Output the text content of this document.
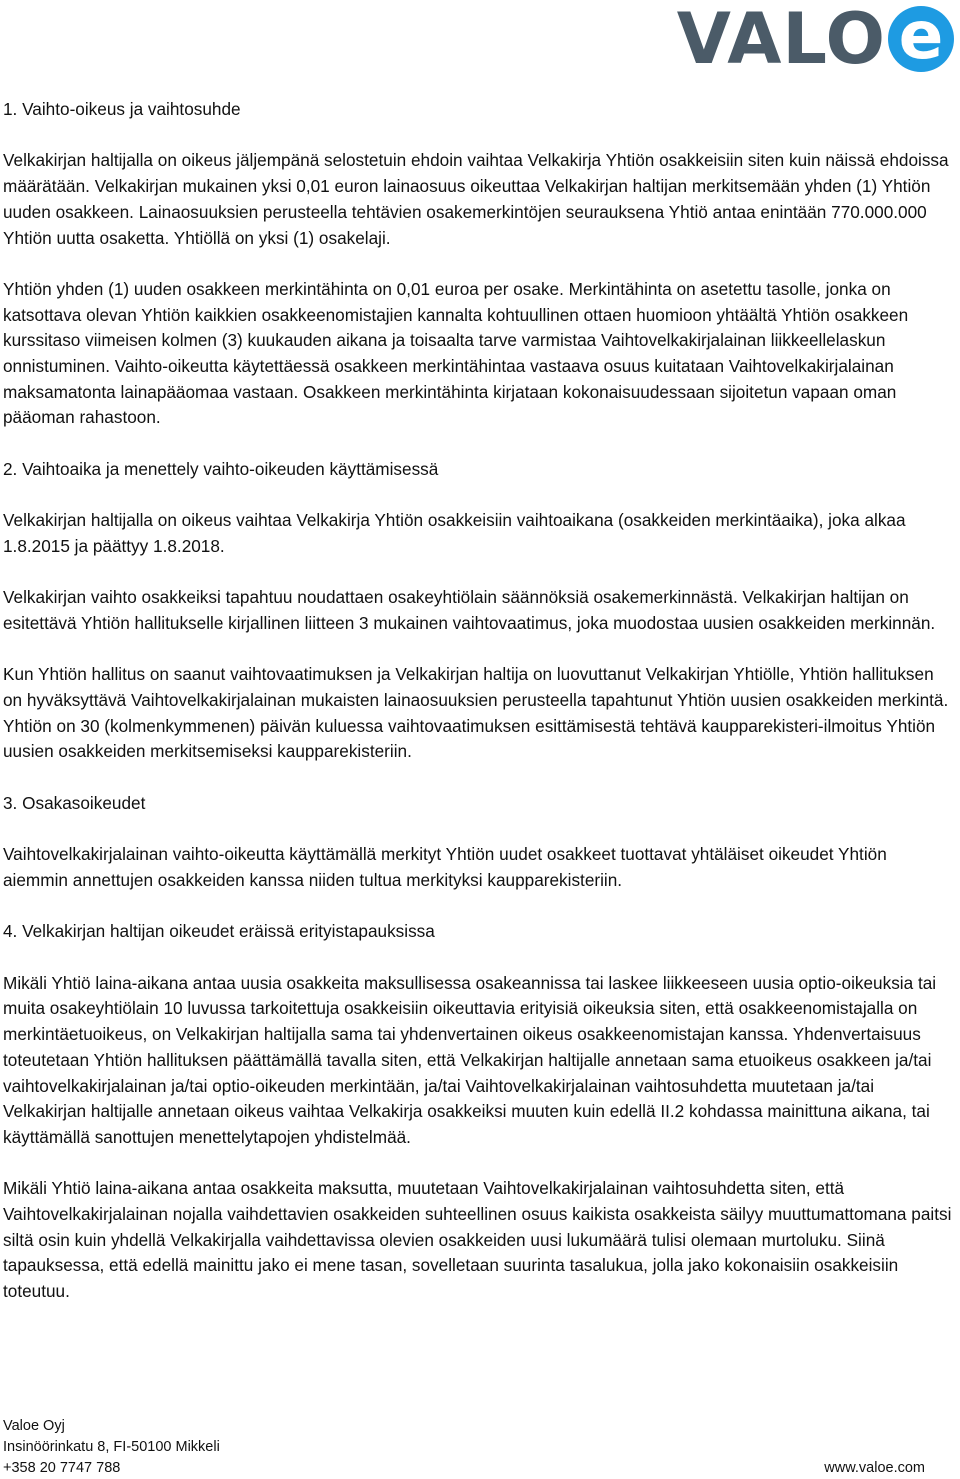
VALO e

1. Vaihto-oikeus ja vaihtosuhde

Velkakirjan haltijalla on oikeus jäljempänä selostetuin ehdoin vaihtaa Velkakirja Yhtiön osakkeisiin siten kuin näissä ehdoissa määrätään. Velkakirjan mukainen yksi 0,01 euron lainaosuus oikeuttaa Velkakirjan haltijan merkitsemään yhden (1) Yhtiön uuden osakkeen. Lainaosuuksien perusteella tehtävien osakemerkintöjen seurauksena Yhtiö antaa enintään 770.000.000 Yhtiön uutta osaketta. Yhtiöllä on yksi (1) osakelaji.

Yhtiön yhden (1) uuden osakkeen merkintähinta on 0,01 euroa per osake. Merkintähinta on asetettu tasolle, jonka on katsottava olevan Yhtiön kaikkien osakkeenomistajien kannalta kohtuullinen ottaen huomioon yhtäältä Yhtiön osakkeen kurssitaso viimeisen kolmen (3) kuukauden aikana ja toisaalta tarve varmistaa Vaihtovelkakirjalainan liikkeellelaskun onnistuminen. Vaihto-oikeutta käytettäessä osakkeen merkintähintaa vastaava osuus kuitataan Vaihtovelkakirjalainan maksamatonta lainapääomaa vastaan. Osakkeen merkintähinta kirjataan kokonaisuudessaan sijoitetun vapaan oman pääoman rahastoon.

2. Vaihtoaika ja menettely vaihto-oikeuden käyttämisessä

Velkakirjan haltijalla on oikeus vaihtaa Velkakirja Yhtiön osakkeisiin vaihtoaikana (osakkeiden merkintäaika), joka alkaa 1.8.2015 ja päättyy 1.8.2018.

Velkakirjan vaihto osakkeiksi tapahtuu noudattaen osakeyhtiölain säännöksiä osakemerkinnästä. Velkakirjan haltijan on esitettävä Yhtiön hallitukselle kirjallinen liitteen 3 mukainen vaihtovaatimus, joka muodostaa uusien osakkeiden merkinnän.

Kun Yhtiön hallitus on saanut vaihtovaatimuksen ja Velkakirjan haltija on luovuttanut Velkakirjan Yhtiölle, Yhtiön hallituksen on hyväksyttävä Vaihtovelkakirjalainan mukaisten lainaosuuksien perusteella tapahtunut Yhtiön uusien osakkeiden merkintä. Yhtiön on 30 (kolmenkymmenen) päivän kuluessa vaihtovaatimuksen esittämisestä tehtävä kaupparekisteri-ilmoitus Yhtiön uusien osakkeiden merkitsemiseksi kaupparekisteriin.

3. Osakasoikeudet

Vaihtovelkakirjalainan vaihto-oikeutta käyttämällä merkityt Yhtiön uudet osakkeet tuottavat yhtäläiset oikeudet Yhtiön aiemmin annettujen osakkeiden kanssa niiden tultua merkityksi kaupparekisteriin.

4. Velkakirjan haltijan oikeudet eräissä erityistapauksissa

Mikäli Yhtiö laina-aikana antaa uusia osakkeita maksullisessa osakeannissa tai laskee liikkeeseen uusia optio-oikeuksia tai muita osakeyhtiölain 10 luvussa tarkoitettuja osakkeisiin oikeuttavia erityisiä oikeuksia siten, että osakkeenomistajalla on merkintäetuoikeus, on Velkakirjan haltijalla sama tai yhdenvertainen oikeus osakkeenomistajan kanssa. Yhdenvertaisuus toteutetaan Yhtiön hallituksen päättämällä tavalla siten, että Velkakirjan haltijalle annetaan sama etuoikeus osakkeen ja/tai vaihtovelkakirjalainan ja/tai optio-oikeuden merkintään, ja/tai Vaihtovelkakirjalainan vaihtosuhdetta muutetaan ja/tai Velkakirjan haltijalle annetaan oikeus vaihtaa Velkakirja osakkeiksi muuten kuin edellä II.2 kohdassa mainittuna aikana, tai käyttämällä sanottujen menettelytapojen yhdistelmää.

Mikäli Yhtiö laina-aikana antaa osakkeita maksutta, muutetaan Vaihtovelkakirjalainan vaihtosuhdetta siten, että Vaihtovelkakirjalainan nojalla vaihdettavien osakkeiden suhteellinen osuus kaikista osakkeista säilyy muuttumattomana paitsi siltä osin kuin yhdellä Velkakirjalla vaihdettavissa olevien osakkeiden uusi lukumäärä tulisi olemaan murtoluku. Siinä tapauksessa, että edellä mainittu jako ei mene tasan, sovelletaan suurinta tasalukua, jolla jako kokonaisiin osakkeisiin toteutuu.

Valoe Oyj
Insinöörinkatu 8, FI-50100 Mikkeli
+358 20 7747 788	www.valoe.com
